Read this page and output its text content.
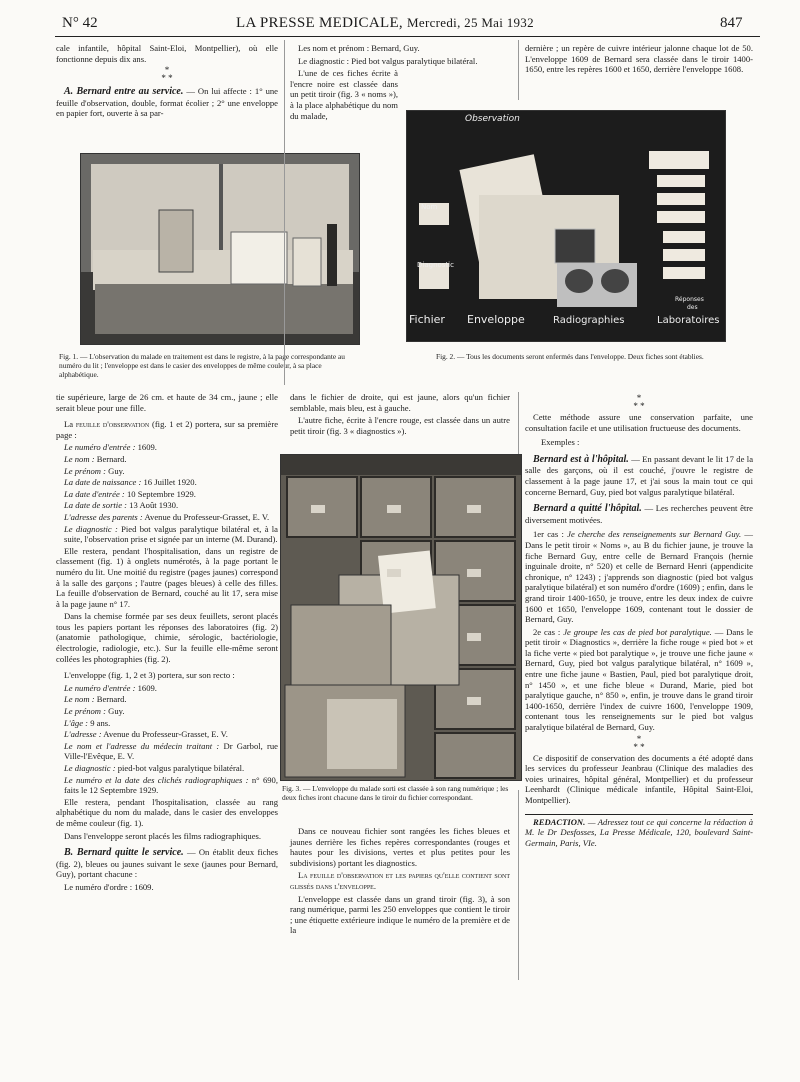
N° 42	LA PRESSE MEDICALE, Mercredi, 25 Mai 1932	847

cale infantile, hôpital Saint-Eloi, Montpellier), où elle fonctionne depuis dix ans.

*
* *

A. Bernard entre au service. — On lui affecte : 1° une feuille d'observation, double, format écolier ; 2° une enveloppe en papier fort, ouverte à sa par-

Les nom et prénom : Bernard, Guy.

Le diagnostic : Pied bot valgus paralytique bilatéral.

L'une de ces fiches écrite à l'encre noire est classée dans un petit tiroir (fig. 3 « noms »), à la place alphabétique du nom du malade,

dernière ; un repère de cuivre intérieur jalonne chaque lot de 50. L'enveloppe 1609 de Bernard sera classée dans le tiroir 1400-1650, entre les repères 1600 et 1650, derrière l'enveloppe 1608.

Fig. 1. — L'observation du malade en traitement est dans le registre, à la page correspondante au numéro du lit ; l'enveloppe est dans le casier des enveloppes de même couleur, à sa place alphabétique.
Observation
Nom
Diagnostic
Fichier Enveloppe	Radiographies
Réponses
des
Laboratoires
Fig. 2. — Tous les documents seront enfermés dans l'enveloppe. Deux fiches sont établies.

tie supérieure, large de 26 cm. et haute de 34 cm., jaune ; elle serait bleue pour une fille.

La feuille d'observation (fig. 1 et 2) portera, sur sa première page :

Le numéro d'entrée : 1609.

Le nom : Bernard.

Le prénom : Guy.

La date de naissance : 16 Juillet 1920.

La date d'entrée : 10 Septembre 1929.

La date de sortie : 13 Août 1930.

L'adresse des parents : Avenue du Professeur-Grasset, E. V.

Le diagnostic : Pied bot valgus paralytique bilatéral et, à la suite, l'observation prise et signée par un interne (M. Durand).

Elle restera, pendant l'hospitalisation, dans un registre de classement (fig. 1) à onglets numérotés, à la page portant le numéro du lit. Une moitié du registre (pages jaunes) correspond à la salle des garçons ; l'autre (pages bleues) à celle des filles. La feuille d'observation de Bernard, couché au lit 17, sera mise à la page jaune n° 17.

Dans la chemise formée par ses deux feuillets, seront placés tous les papiers portant les réponses des laboratoires (fig. 2) (anatomie pathologique, chimie, sérologic, bactériologie, électrologie, radiologie, etc.). Sur la feuille elle-même seront collées les photographies (fig. 2).

L'enveloppe (fig. 1, 2 et 3) portera, sur son recto :

Le numéro d'entrée : 1609.

Le nom : Bernard.

Le prénom : Guy.

L'âge : 9 ans.

L'adresse : Avenue du Professeur-Grasset, E. V.

Le nom et l'adresse du médecin traitant : Dr Garbol, rue Ville-l'Evêque, E. V.

Le diagnostic : pied-bot valgus paralytique bilatéral.

Le numéro et la date des clichés radiographiques : n° 690, faits le 12 Septembre 1929.

Elle restera, pendant l'hospitalisation, classée au rang alphabétique du nom du malade, dans le casier des enveloppes de même couleur (fig. 1).

Dans l'enveloppe seront placés les films radiographiques.

B. Bernard quitte le service. — On établit deux fiches (fig. 2), bleues ou jaunes suivant le sexe (jaunes pour Bernard, Guy), portant chacune :

Le numéro d'ordre : 1609.

dans le fichier de droite, qui est jaune, alors qu'un fichier semblable, mais bleu, est à gauche.

L'autre fiche, écrite à l'encre rouge, est classée dans un autre petit tiroir (fig. 3 « diagnostics »).

Fig. 3. — L'enveloppe du malade sorti est classée à son rang numérique ; les deux fiches iront chacune dans le tiroir du fichier correspondant.

Dans ce nouveau fichier sont rangées les fiches bleues et jaunes derrière les fiches repères correspondantes (rouges et hautes pour les divisions, vertes et plus petites pour les subdivisions) portant les diagnostics.

La feuille d'observation et les papiers qu'elle contient sont glissés dans l'enveloppe.

L'enveloppe est classée dans un grand tiroir (fig. 3), à son rang numérique, parmi les 250 enveloppes que contient le tiroir ; une étiquette extérieure indique le numéro de la première et de la

*
* *

Cette méthode assure une conservation parfaite, une consultation facile et une utilisation fructueuse des documents.

Exemples :

Bernard est à l'hôpital. — En passant devant le lit 17 de la salle des garçons, où il est couché, j'ouvre le registre de classement à la page jaune 17, et j'ai sous la main tout ce qui concerne Bernard, Guy, pied bot valgus paralytique bilatéral.

Bernard a quitté l'hôpital. — Les recherches peuvent être diversement motivées.

1er cas : Je cherche des renseignements sur Bernard Guy. — Dans le petit tiroir « Noms », au B du fichier jaune, je trouve la fiche Bernard Guy, entre celle de Bernard François (hernie inguinale droite, n° 520) et celle de Bernard Henri (appendicite chronique, n° 1243) ; j'apprends son diagnostic (pied bot valgus paralytique bilatéral) et son numéro d'ordre (1609) ; enfin, dans le grand tiroir 1400-1650, je trouve, entre les deux index de cuivre 1600 et 1650, l'enveloppe 1609, contenant tout le dossier de Bernard, Guy.

2e cas : Je groupe les cas de pied bot paralytique. — Dans le petit tiroir « Diagnostics », derrière la fiche rouge « pied bot » et la fiche verte « pied bot paralytique », je trouve une fiche jaune « Bernard, Guy, pied bot valgus paralytique bilatéral, n° 1609 », entre une fiche jaune « Bastien, Paul, pied bot paralytique droit, n° 1450 », et une fiche bleue « Durand, Marie, pied bot paralytique gauche, n° 850 », enfin, je trouve dans le grand tiroir 1400-1650, derrière l'index de cuivre 1600, l'enveloppe 1909, contenant tous les renseignements sur le pied bot valgus paralytique bilatéral de Bernard, Guy.

*
* *

Ce dispositif de conservation des documents a été adopté dans les services du professeur Jeanbrau (Clinique des maladies des voies urinaires, hôpital général, Montpellier) et du professeur Leenhardt (Clinique médicale infantile, Hôpital Saint-Eloi, Montpellier).

REDACTION. — Adressez tout ce qui concerne la rédaction à M. le Dr Desfosses, La Presse Médicale, 120, boulevard Saint-Germain, Paris, VIe.
